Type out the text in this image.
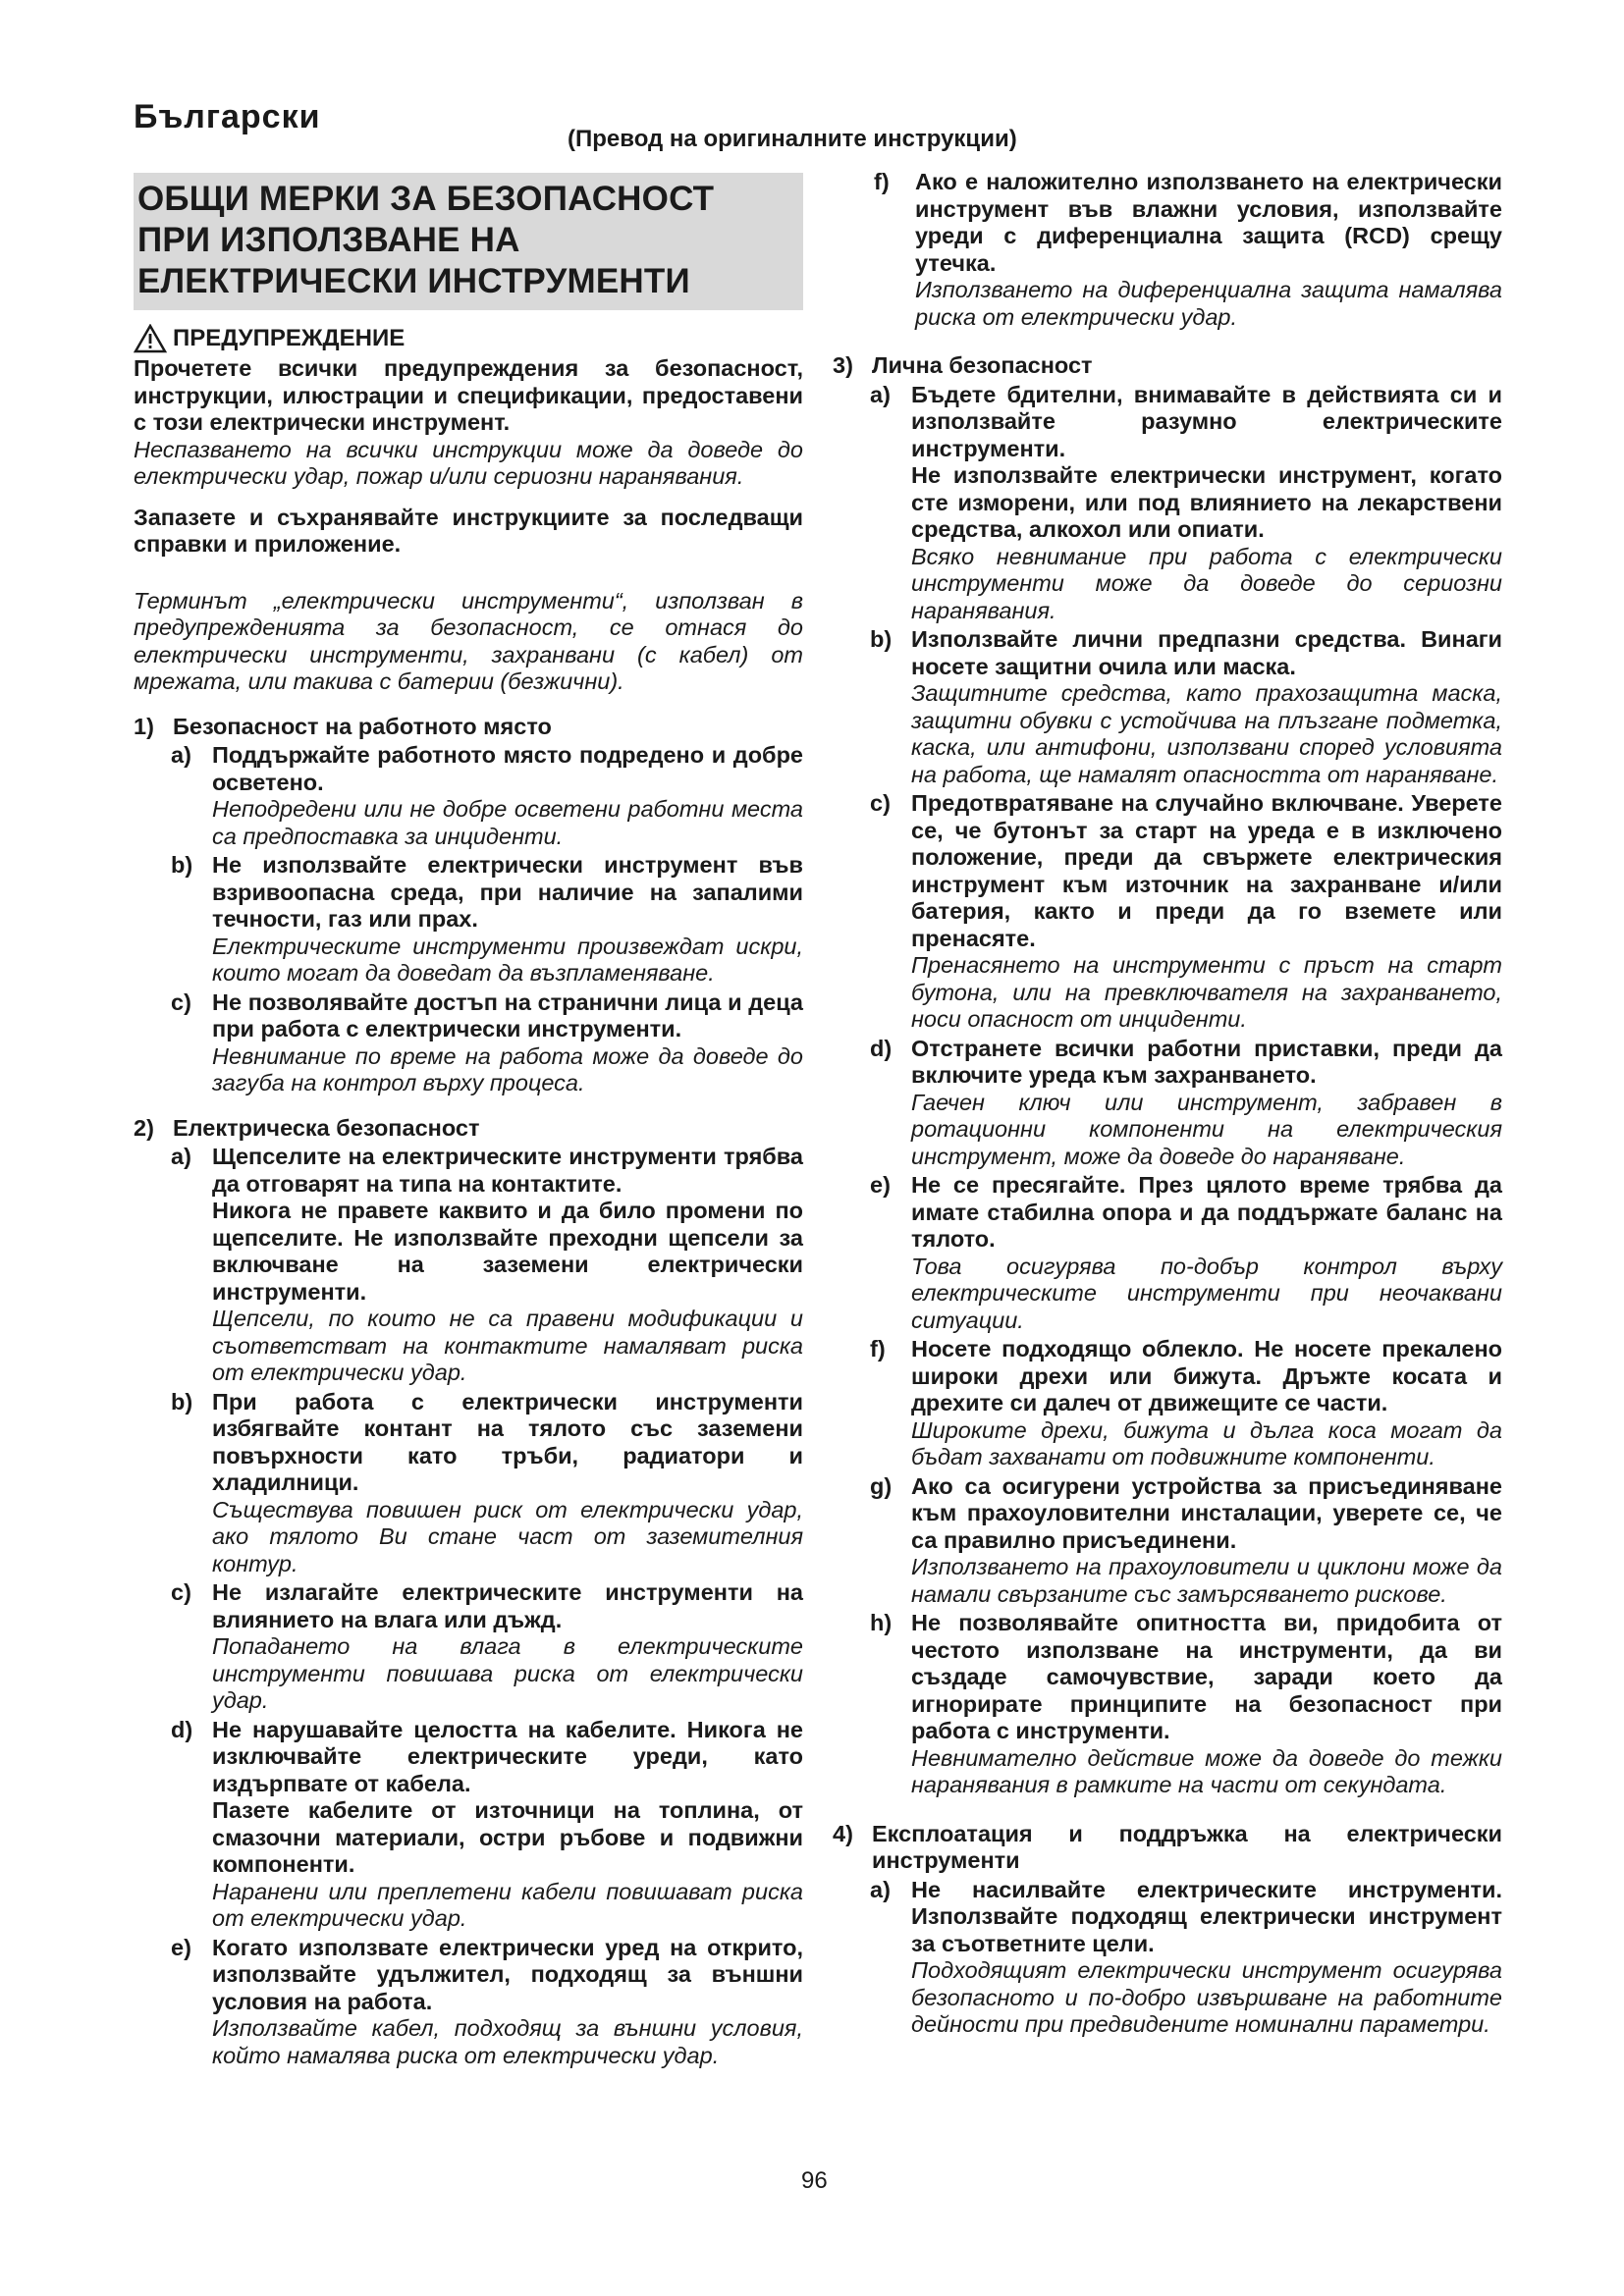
Български
(Превод на оригиналните инструкции)
ОБЩИ МЕРКИ ЗА БЕЗОПАСНОСТ
ПРИ ИЗПОЛЗВАНЕ НА
ЕЛЕКТРИЧЕСКИ ИНСТРУМЕНТИ
ПРЕДУПРЕЖДЕНИЕ

Прочетете всички предупреждения за безопасност, инструкции, илюстрации и спецификации, предоставени с този електрически инструмент.

Неспазването на всички инструкции може да доведе до електрически удар, пожар и/или сериозни наранявания.

Запазете и съхранявайте инструкциите за последващи справки и приложение.

Терминът „електрически инструменти“, използван в предупрежденията за безопасност, се отнася до електрически инструменти, захранвани (с кабел) от мрежата, или такива с батерии (безжични).

1) Безопасност на работното място
a) Поддържайте работното място подредено и добре осветено.

Неподредени или не добре осветени работни места са предпоставка за инциденти.

b) Не използвайте електрически инструмент във взривоопасна среда, при наличие на запалими течности, газ или прах.

Електрическите инструменти произвеждат искри, които могат да доведат да възпламеняване.

c) Не позволявайте достъп на странични лица и деца при работа с електрически инструменти.

Невнимание по време на работа може да доведе до загуба на контрол върху процеса.

2) Електрическа безопасност
a) Щепселите на електрическите инструменти трябва да отговарят на типа на контактите.

Никога не правете каквито и да било промени по щепселите. Не използвайте преходни щепсели за включване на заземени електрически инструменти.

Щепсели, по които не са правени модификации и съответстват на контактите намаляват риска от електрически удар.

b) При работа с електрически инструменти избягвайте контант на тялото със заземени повърхности като тръби, радиатори и хладилници.

Съществува повишен риск от електрически удар, ако тялото Ви стане част от заземителния контур.

c) Не излагайте електрическите инструменти на влиянието на влага или дъжд.

Попадането на влага в електрическите инструменти повишава риска от електрически удар.

d) Не нарушавайте целостта на кабелите. Никога не изключвайте електрическите уреди, като издърпвате от кабела.

Пазете кабелите от източници на топлина, от смазочни материали, остри ръбове и подвижни компоненти.

Наранени или преплетени кабели повишават риска от електрически удар.

e) Когато използвате електрически уред на открито, използвайте удължител, подходящ за външни условия на работа.

Използвайте кабел, подходящ за външни условия, който намалява риска от електрически удар.

f)	Ако е наложително използването на електрически инструмент във влажни условия, използвайте уреди с диференциална защита (RCD) срещу утечка.

Използването на диференциална защита намалява риска от електрически удар.

3) Лична безопасност
a) Бъдете бдителни, внимавайте в действията си и използвайте разумно електрическите инструменти.

Не използвайте електрически инструмент, когато сте изморени, или под влиянието на лекарствени средства, алкохол или опиати.

Всяко невнимание при работа с електрически инструменти може да доведе до сериозни наранявания.

b) Използвайте лични предпазни средства. Винаги носете защитни очила или маска.

Защитните средства, като прахозащитна маска, защитни обувки с устойчива на плъзгане подметка, каска, или антифони, използвани според условията на работа, ще намалят опасността от нараняване.

c) Предотвратяване на случайно включване. Уверете се, че бутонът за старт на уреда е в изключено положение, преди да свържете електрическия инструмент към източник на захранване и/или батерия, както и преди да го вземете или пренасяте.

Пренасянето на инструменти с пръст на старт бутона, или на превключвателя на захранването, носи опасност от инциденти.

d) Отстранете всички работни приставки, преди да включите уреда към захранването.

Гаечен ключ или инструмент, забравен в ротационни компоненти на електрическия инструмент, може да доведе до нараняване.

e) Не се пресягайте. През цялото време трябва да имате стабилна опора и да поддържате баланс на тялото.

Това осигурява по-добър контрол върху електрическите инструменти при неочаквани ситуации.

f)	Носете подходящо облекло. Не носете прекалено широки дрехи или бижута. Дръжте косата и дрехите си далеч от движещите се части.

Широките дрехи, бижута и дълга коса могат да бъдат захванати от подвижните компоненти.

g) Ако са осигурени устройства за присъединяване към прахоуловителни инсталации, уверете се, че са правилно присъединени.

Използването на прахоуловители и циклони може да намали свързаните със замърсяването рискове.

h) Не позволявайте опитността ви, придобита от честото използване на инструменти, да ви създаде самочувствие, заради което да игнорирате принципите на безопасност при работа с инструменти.

Невнимателно действие може да доведе до тежки наранявания в рамките на части от секундата.

4) Експлоатация и поддръжка на електрически инструменти
a) Не насилвайте електрическите инструменти. Използвайте подходящ електрически инструмент за съответните цели.

Подходящият електрически инструмент осигурява безопасното и по-добро извършване на работните дейности при предвидените номинални параметри.

96
